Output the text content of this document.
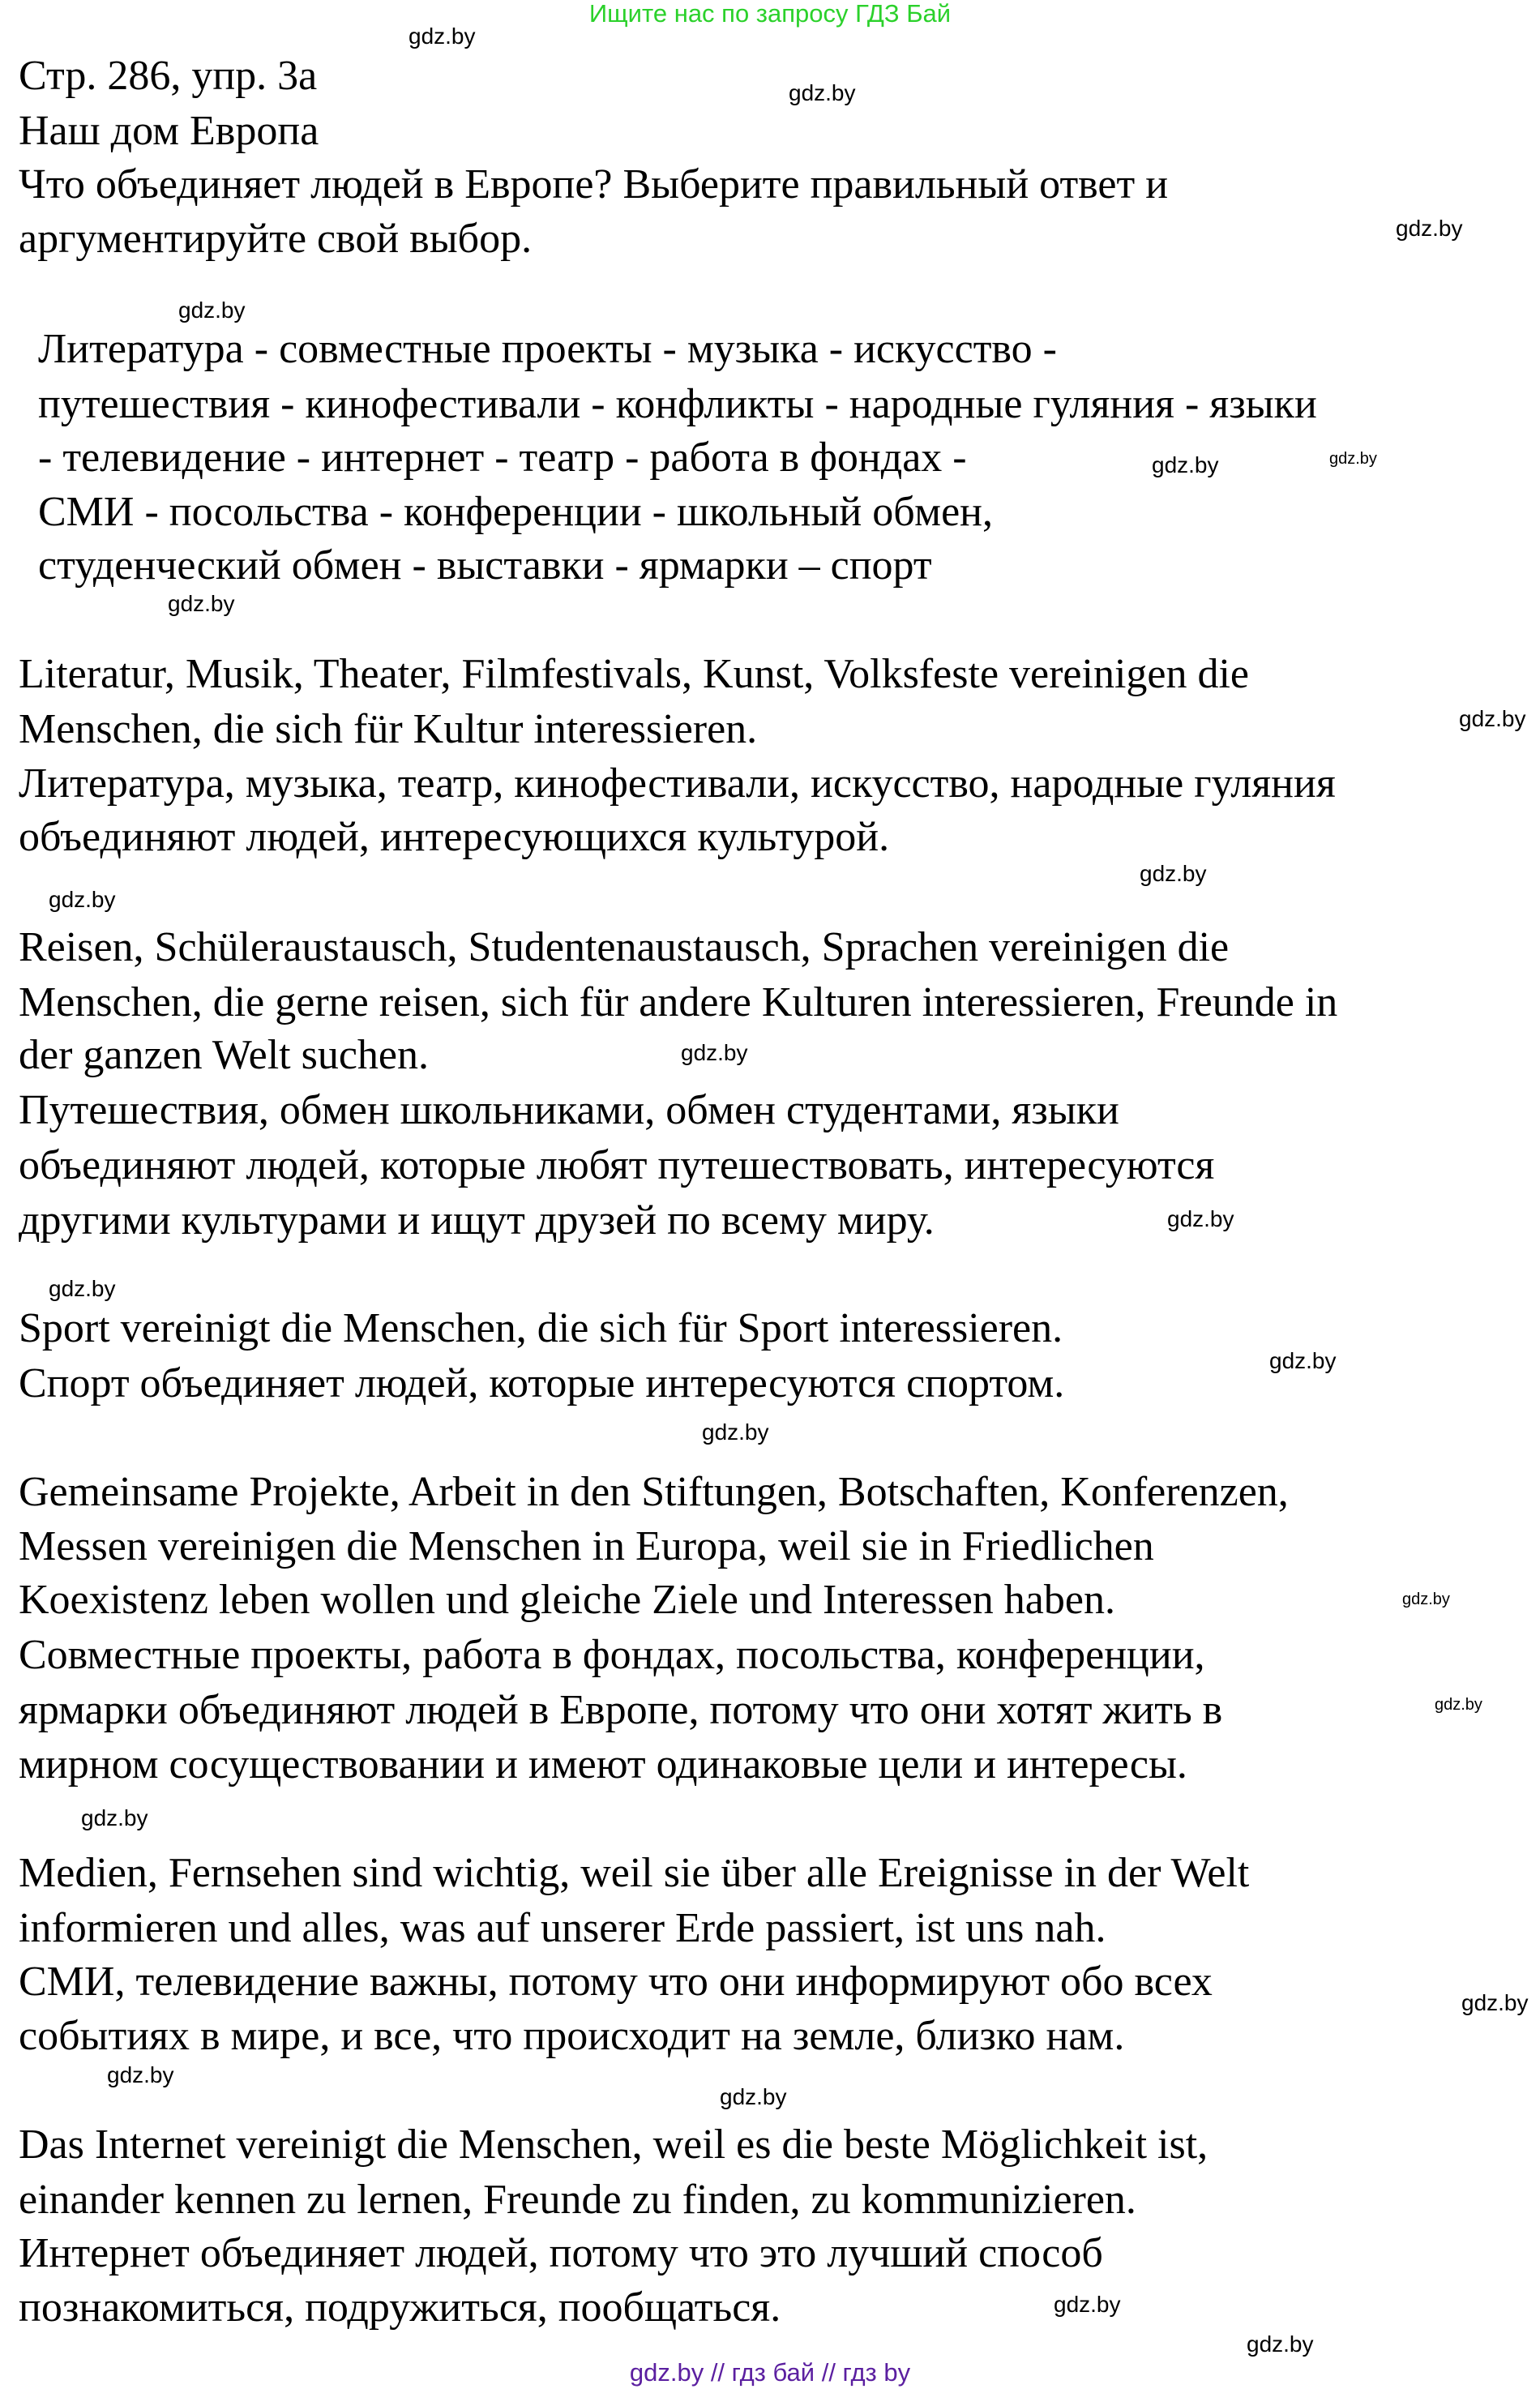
Ищите нас по запросу ГДЗ Бай
Стр. 286, упр. 3а
Наш дом Европа
Что объединяет людей в Европе? Выберите правильный ответ и
аргументируйте свой выбор.
Литература - совместные проекты - музыка - искусство -
путешествия - кинофестивали - конфликты - народные гуляния - языки
- телевидение - интернет - театр - работа в фондах -
СМИ - посольства - конференции - школьный обмен,
студенческий обмен - выставки - ярмарки – спорт
Literatur, Musik, Theater, Filmfestivals, Kunst, Volksfeste vereinigen die
Menschen, die sich für Kultur interessieren.
Литература, музыка, театр, кинофестивали, искусство, народные гуляния
объединяют людей, интересующихся культурой.
Reisen, Schüleraustausch, Studentenaustausch, Sprachen vereinigen die
Menschen, die gerne reisen, sich für andere Kulturen interessieren, Freunde in
der ganzen Welt suchen.
Путешествия, обмен школьниками, обмен студентами, языки
объединяют людей, которые любят путешествовать, интересуются
другими культурами и ищут друзей по всему миру.
Sport vereinigt die Menschen, die sich für Sport interessieren.
Спорт объединяет людей, которые интересуются спортом.
Gemeinsame Projekte, Arbeit in den Stiftungen, Botschaften, Konferenzen,
Messen vereinigen die Menschen in Europa, weil sie in Friedlichen
Koexistenz leben wollen und gleiche Ziele und Interessen haben.
Совместные проекты, работа в фондах, посольства, конференции,
ярмарки объединяют людей в Европе, потому что они хотят жить в
мирном сосуществовании и имеют одинаковые цели и интересы.
Medien, Fernsehen sind wichtig, weil sie über alle Ereignisse in der Welt
informieren und alles, was auf unserer Erde passiert, ist uns nah.
СМИ, телевидение важны, потому что они информируют обо всех
событиях в мире, и все, что происходит на земле, близко нам.
Das Internet vereinigt die Menschen, weil es die beste Möglichkeit ist,
einander kennen zu lernen, Freunde zu finden, zu kommunizieren.
Интернет объединяет людей, потому что это лучший способ
познакомиться, подружиться, пообщаться.
gdz.by
gdz.by
gdz.by
gdz.by
gdz.by
gdz.by
gdz.by
gdz.by
gdz.by
gdz.by
gdz.by
gdz.by
gdz.by
gdz.by
gdz.by
gdz.by
gdz.by
gdz.by
gdz.by
gdz.by
gdz.by
gdz.by
gdz.by
gdz.by // гдз бай // гдз by
